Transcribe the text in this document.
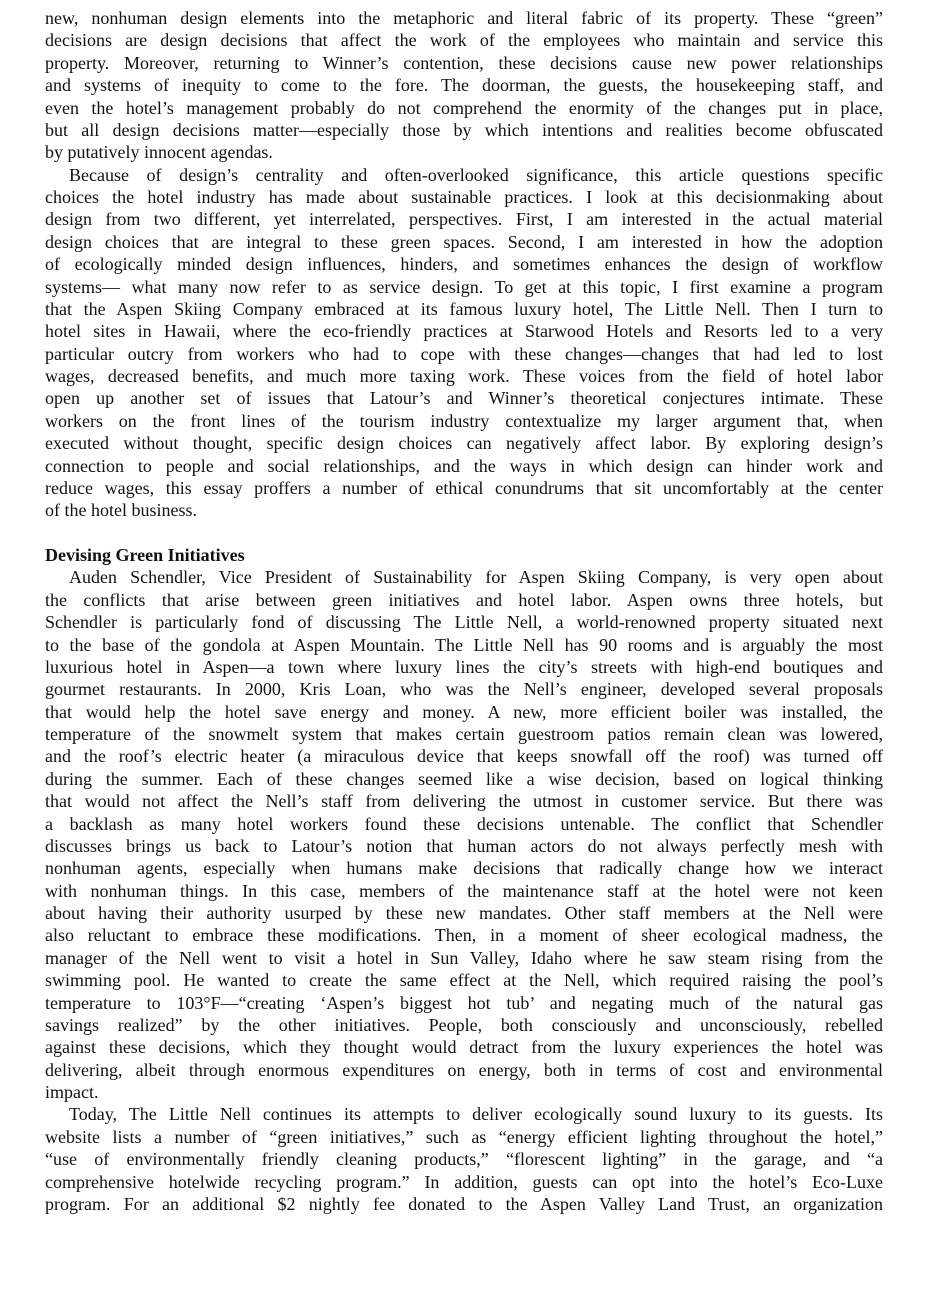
new, nonhuman design elements into the metaphoric and literal fabric of its property. These “green”
decisions are design decisions that affect the work of the employees who maintain and service this
property. Moreover, returning to Winner’s contention, these decisions cause new power relationships
and systems of inequity to come to the fore. The doorman, the guests, the housekeeping staff, and
even the hotel’s management probably do not comprehend the enormity of the changes put in place,
but all design decisions matter—especially those by which intentions and realities become obfuscated
by putatively innocent agendas.
Because of design’s centrality and often-overlooked significance, this article questions specific
choices the hotel industry has made about sustainable practices. I look at this decisionmaking about
design from two different, yet interrelated, perspectives. First, I am interested in the actual material
design choices that are integral to these green spaces. Second, I am interested in how the adoption
of ecologically minded design influences, hinders, and sometimes enhances the design of workflow
systems— what many now refer to as service design. To get at this topic, I first examine a program
that the Aspen Skiing Company embraced at its famous luxury hotel, The Little Nell. Then I turn to
hotel sites in Hawaii, where the eco-friendly practices at Starwood Hotels and Resorts led to a very
particular outcry from workers who had to cope with these changes—changes that had led to lost
wages, decreased benefits, and much more taxing work. These voices from the field of hotel labor
open up another set of issues that Latour’s and Winner’s theoretical conjectures intimate. These
workers on the front lines of the tourism industry contextualize my larger argument that, when
executed without thought, specific design choices can negatively affect labor. By exploring design’s
connection to people and social relationships, and the ways in which design can hinder work and
reduce wages, this essay proffers a number of ethical conundrums that sit uncomfortably at the center
of the hotel business.
Devising Green Initiatives
Auden Schendler, Vice President of Sustainability for Aspen Skiing Company, is very open about
the conflicts that arise between green initiatives and hotel labor. Aspen owns three hotels, but
Schendler is particularly fond of discussing The Little Nell, a world-renowned property situated next
to the base of the gondola at Aspen Mountain. The Little Nell has 90 rooms and is arguably the most
luxurious hotel in Aspen—a town where luxury lines the city’s streets with high-end boutiques and
gourmet restaurants. In 2000, Kris Loan, who was the Nell’s engineer, developed several proposals
that would help the hotel save energy and money. A new, more efficient boiler was installed, the
temperature of the snowmelt system that makes certain guestroom patios remain clean was lowered,
and the roof’s electric heater (a miraculous device that keeps snowfall off the roof) was turned off
during the summer. Each of these changes seemed like a wise decision, based on logical thinking
that would not affect the Nell’s staff from delivering the utmost in customer service. But there was
a backlash as many hotel workers found these decisions untenable. The conflict that Schendler
discusses brings us back to Latour’s notion that human actors do not always perfectly mesh with
nonhuman agents, especially when humans make decisions that radically change how we interact
with nonhuman things. In this case, members of the maintenance staff at the hotel were not keen
about having their authority usurped by these new mandates. Other staff members at the Nell were
also reluctant to embrace these modifications. Then, in a moment of sheer ecological madness, the
manager of the Nell went to visit a hotel in Sun Valley, Idaho where he saw steam rising from the
swimming pool. He wanted to create the same effect at the Nell, which required raising the pool’s
temperature to 103°F—“creating ‘Aspen’s biggest hot tub’ and negating much of the natural gas
savings realized” by the other initiatives. People, both consciously and unconsciously, rebelled
against these decisions, which they thought would detract from the luxury experiences the hotel was
delivering, albeit through enormous expenditures on energy, both in terms of cost and environmental
impact.
Today, The Little Nell continues its attempts to deliver ecologically sound luxury to its guests. Its
website lists a number of “green initiatives,” such as “energy efficient lighting throughout the hotel,”
“use of environmentally friendly cleaning products,” “florescent lighting” in the garage, and “a
comprehensive hotelwide recycling program.” In addition, guests can opt into the hotel’s Eco-Luxe
program. For an additional $2 nightly fee donated to the Aspen Valley Land Trust, an organization
